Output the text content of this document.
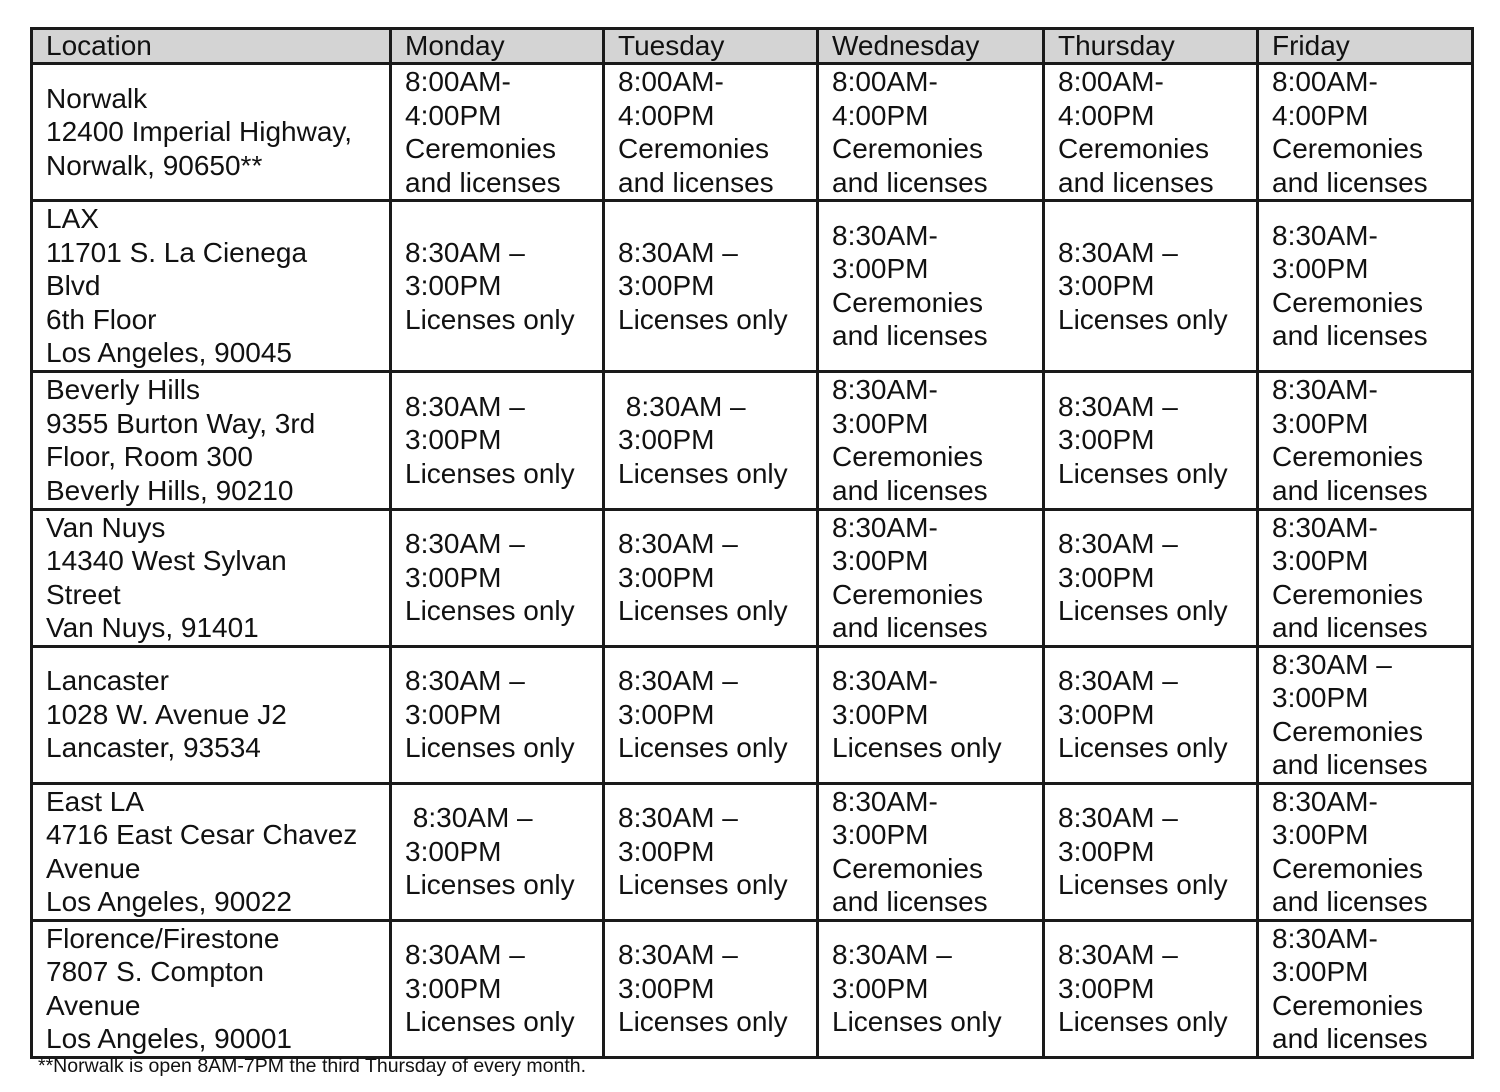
Location	Monday	Tuesday	Wednesday	Thursday	Friday

Norwalk
12400 Imperial Highway,
Norwalk, 90650**	8:00AM-
4:00PM
Ceremonies
and licenses	8:00AM-
4:00PM
Ceremonies
and licenses	8:00AM-
4:00PM
Ceremonies
and licenses	8:00AM-
4:00PM
Ceremonies
and licenses	8:00AM-
4:00PM
Ceremonies
and licenses

LAX
11701 S. La Cienega
Blvd
6th Floor
Los Angeles, 90045	8:30AM –
3:00PM
Licenses only	8:30AM –
3:00PM
Licenses only	8:30AM-
3:00PM
Ceremonies
and licenses	8:30AM –
3:00PM
Licenses only	8:30AM-
3:00PM
Ceremonies
and licenses

Beverly Hills
9355 Burton Way, 3rd
Floor, Room 300
Beverly Hills, 90210	8:30AM –
3:00PM
Licenses only	8:30AM –
3:00PM
Licenses only	8:30AM-
3:00PM
Ceremonies
and licenses	8:30AM –
3:00PM
Licenses only	8:30AM-
3:00PM
Ceremonies
and licenses

Van Nuys
14340 West Sylvan
Street
Van Nuys, 91401	8:30AM –
3:00PM
Licenses only	8:30AM –
3:00PM
Licenses only	8:30AM-
3:00PM
Ceremonies
and licenses	8:30AM –
3:00PM
Licenses only	8:30AM-
3:00PM
Ceremonies
and licenses

Lancaster
1028 W. Avenue J2
Lancaster, 93534	8:30AM –
3:00PM
Licenses only	8:30AM –
3:00PM
Licenses only	8:30AM-
3:00PM
Licenses only	8:30AM –
3:00PM
Licenses only	8:30AM –
3:00PM
Ceremonies
and licenses

East LA
4716 East Cesar Chavez
Avenue
Los Angeles, 90022	8:30AM –
3:00PM
Licenses only	8:30AM –
3:00PM
Licenses only	8:30AM-
3:00PM
Ceremonies
and licenses	8:30AM –
3:00PM
Licenses only	8:30AM-
3:00PM
Ceremonies
and licenses

Florence/Firestone
7807 S. Compton
Avenue
Los Angeles, 90001	8:30AM –
3:00PM
Licenses only	8:30AM –
3:00PM
Licenses only	8:30AM –
3:00PM
Licenses only	8:30AM –
3:00PM
Licenses only	8:30AM-
3:00PM
Ceremonies
and licenses
**Norwalk is open 8AM-7PM the third Thursday of every month.
